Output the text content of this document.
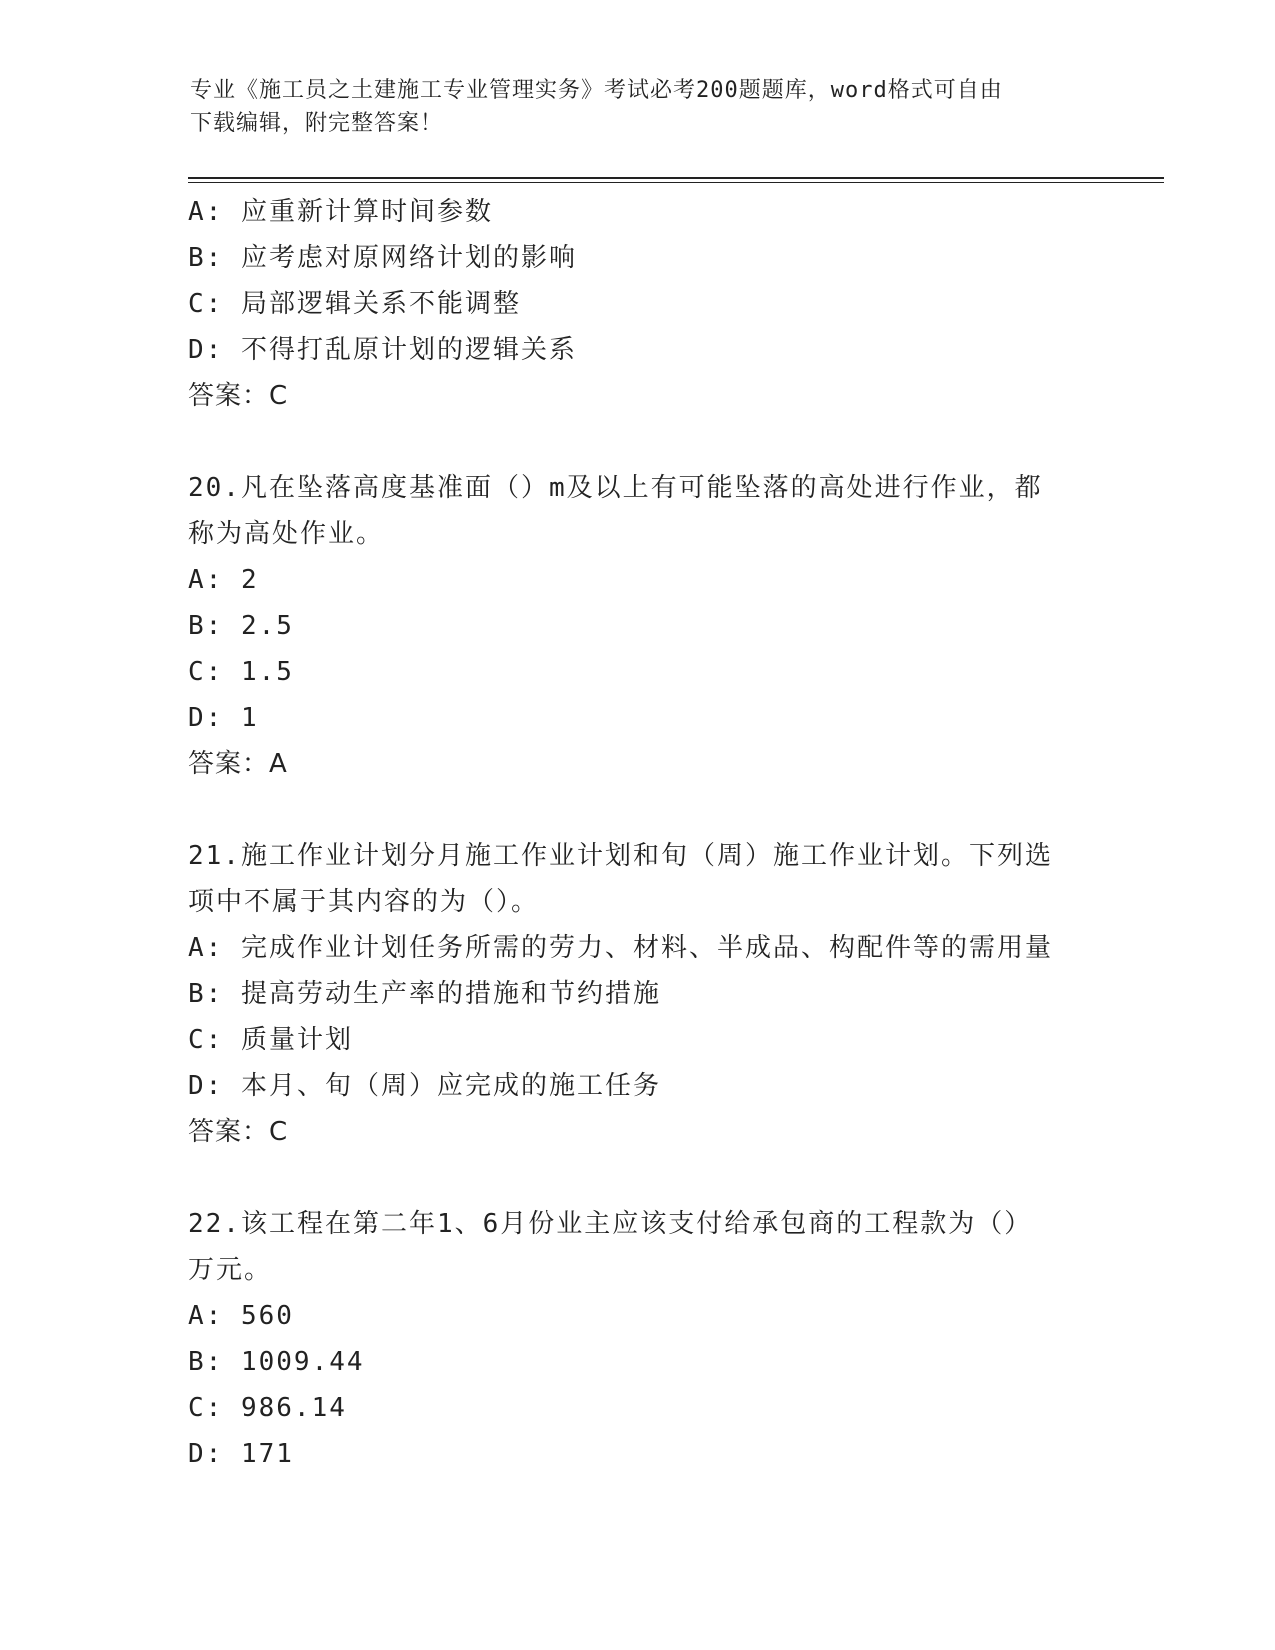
专业《施工员之土建施工专业管理实务》考试必考200题题库，word格式可自由
下载编辑，附完整答案！
A: 应重新计算时间参数
B: 应考虑对原网络计划的影响
C: 局部逻辑关系不能调整
D: 不得打乱原计划的逻辑关系
答案：C
20.凡在坠落高度基准面（）m及以上有可能坠落的高处进行作业，都
称为高处作业。
A: 2
B: 2.5
C: 1.5
D: 1
答案：A
21.施工作业计划分月施工作业计划和旬（周）施工作业计划。下列选
项中不属于其内容的为（）。
A: 完成作业计划任务所需的劳力、材料、半成品、构配件等的需用量
B: 提高劳动生产率的措施和节约措施
C: 质量计划
D: 本月、旬（周）应完成的施工任务
答案：C
22.该工程在第二年1、6月份业主应该支付给承包商的工程款为（）
万元。
A: 560
B: 1009.44
C: 986.14
D: 171
